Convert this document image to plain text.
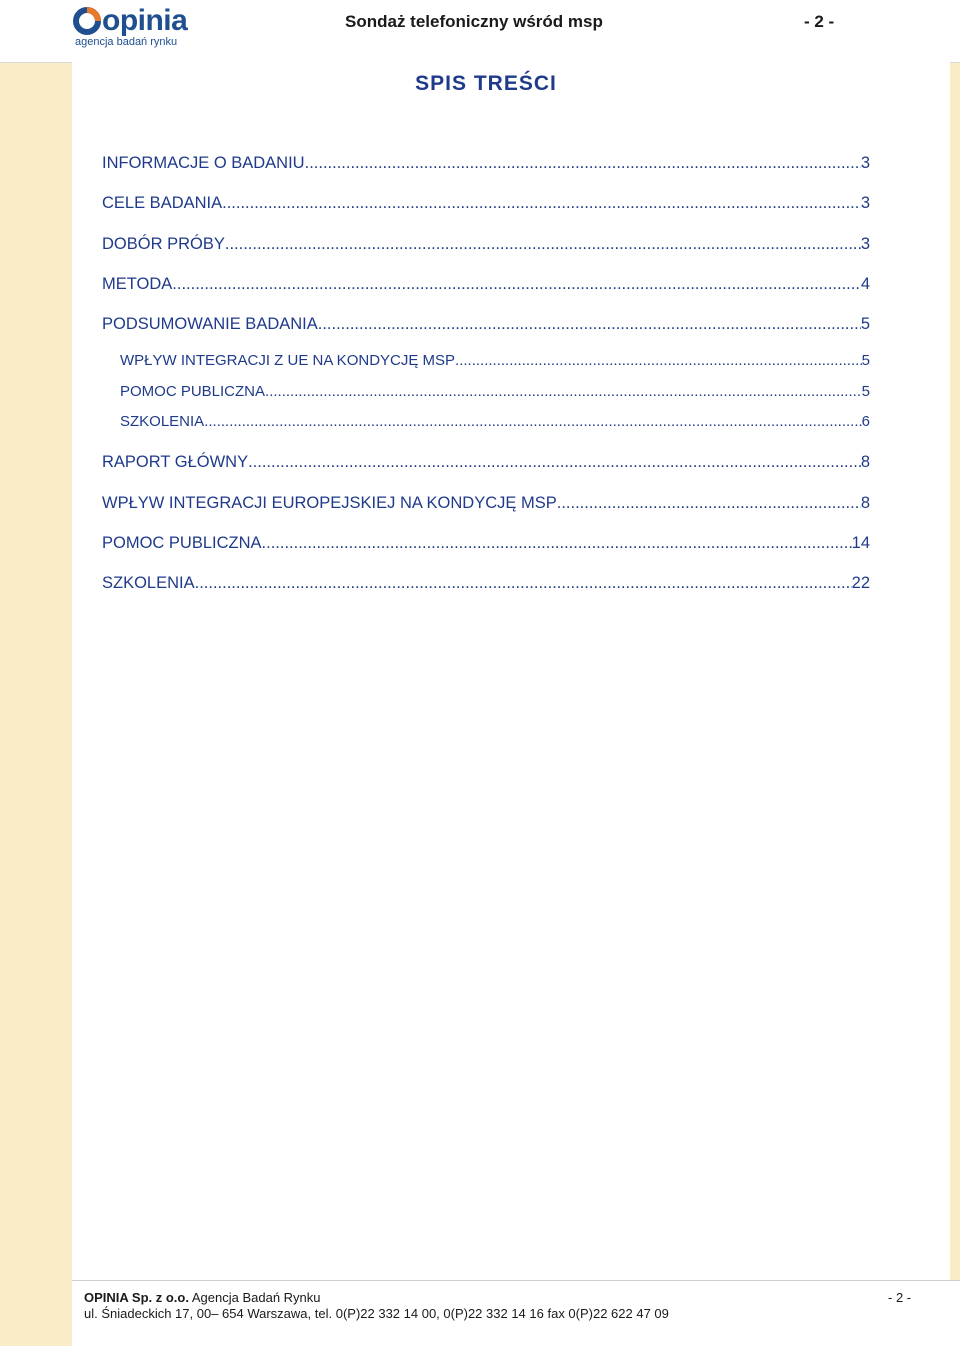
opinia
agencja badań rynku
Sondaż telefoniczny wśród msp	- 2 -
SPIS TREŚCI
INFORMACJE O BADANIU .....	3
CELE BADANIA .....	3
DOBÓR PRÓBY .....	3
METODA .....	4
PODSUMOWANIE BADANIA .....	5
WPŁYW INTEGRACJI Z UE NA KONDYCJĘ MSP .....	5
POMOC PUBLICZNA .....	5
SZKOLENIA .....	6
RAPORT GŁÓWNY .....	8
WPŁYW INTEGRACJI EUROPEJSKIEJ NA KONDYCJĘ MSP .....	8
POMOC PUBLICZNA .....	14
SZKOLENIA .....	22
OPINIA Sp. z o.o. Agencja Badań Rynku
ul. Śniadeckich 17, 00– 654 Warszawa, tel. 0(P)22 332 14 00, 0(P)22 332 14 16 fax 0(P)22 622 47 09
- 2 -
